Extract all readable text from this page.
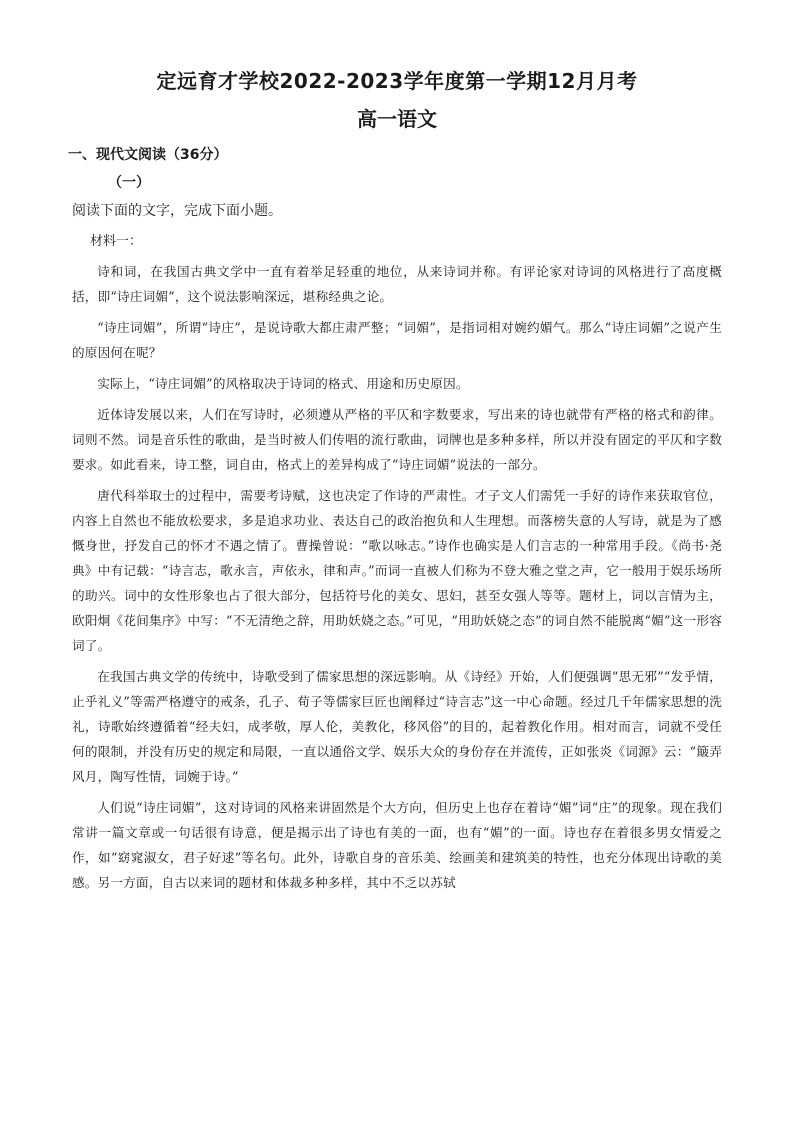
定远育才学校2022-2023学年度第一学期12月月考
高一语文
一、现代文阅读（36分）
（一）
阅读下面的文字，完成下面小题。
材料一：

诗和词，在我国古典文学中一直有着举足轻重的地位，从来诗词并称。有评论家对诗词的风格进行了高度概括，即“诗庄词媚”，这个说法影响深远，堪称经典之论。

“诗庄词媚”，所谓“诗庄”，是说诗歌大都庄肃严整；“词媚”，是指词相对婉约媚气。那么“诗庄词媚”之说产生的原因何在呢？

实际上，“诗庄词媚”的风格取决于诗词的格式、用途和历史原因。

近体诗发展以来，人们在写诗时，必须遵从严格的平仄和字数要求，写出来的诗也就带有严格的格式和韵律。词则不然。词是音乐性的歌曲，是当时被人们传唱的流行歌曲，词牌也是多种多样，所以并没有固定的平仄和字数要求。如此看来，诗工整，词自由，格式上的差异构成了“诗庄词媚”说法的一部分。

唐代科举取士的过程中，需要考诗赋，这也决定了作诗的严肃性。才子文人们需凭一手好的诗作来获取官位，内容上自然也不能放松要求，多是追求功业、表达自己的政治抱负和人生理想。而落榜失意的人写诗，就是为了感慨身世，抒发自己的怀才不遇之情了。曹操曾说：“歌以咏志。”诗作也确实是人们言志的一种常用手段。《尚书·尧典》中有记载：“诗言志，歌永言，声依永，律和声。”而词一直被人们称为不登大雅之堂之声，它一般用于娱乐场所的助兴。词中的女性形象也占了很大部分，包括符号化的美女、思妇，甚至女强人等等。题材上，词以言情为主，欧阳炯《花间集序》中写：“不无清绝之辞，用助妖娆之态。”可见，“用助妖娆之态”的词自然不能脱离“媚”这一形容词了。

在我国古典文学的传统中，诗歌受到了儒家思想的深远影响。从《诗经》开始，人们便强调“思无邪”“发乎情，止乎礼义”等需严格遵守的戒条，孔子、荀子等儒家巨匠也阐释过“诗言志”这一中心命题。经过几千年儒家思想的洗礼，诗歌始终遵循着“经夫妇，成孝敬，厚人伦，美教化，移风俗”的目的，起着教化作用。相对而言，词就不受任何的限制，并没有历史的规定和局限，一直以通俗文学、娱乐大众的身份存在并流传，正如张炎《词源》云：“簸弄风月，陶写性情，词婉于诗。”

人们说“诗庄词媚”，这对诗词的风格来讲固然是个大方向，但历史上也存在着诗“媚”词“庄”的现象。现在我们常讲一篇文章或一句话很有诗意，便是揭示出了诗也有美的一面，也有“媚”的一面。诗也存在着很多男女情爱之作，如“窈窕淑女，君子好逑”等名句。此外，诗歌自身的音乐美、绘画美和建筑美的特性，也充分体现出诗歌的美感。另一方面，自古以来词的题材和体裁多种多样，其中不乏以苏轼
